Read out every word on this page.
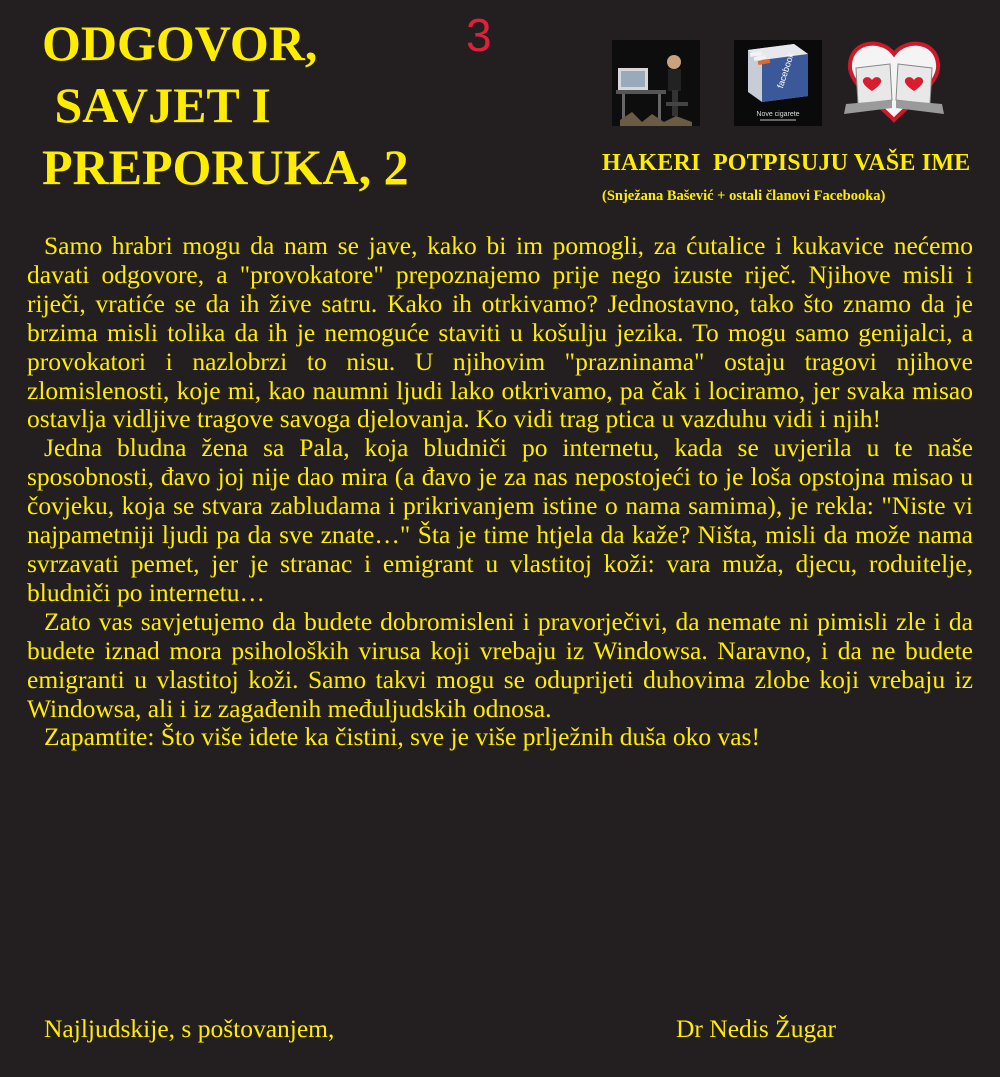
ODGOVOR,
SAVJET I
PREPORUKA, 2
3
facebook
Nove cigarete
HAKERI  POTPISUJU VAŠE IME
(Snježana Bašević + ostali članovi Facebooka)

Samo hrabri mogu da nam se jave, kako bi im pomogli, za ćutalice i kukavice nećemo davati odgovore, a "provokatore" prepoznajemo prije nego izuste riječ. Njihove misli i riječi, vratiće se da ih žive satru. Kako ih otrkivamo? Jednostavno, tako što znamo da je brzima misli tolika da ih je nemoguće staviti u košulju jezika. To mogu samo genijalci, a provokatori i nazlobrzi to nisu. U njihovim "prazninama" ostaju tragovi njihove zlomislenosti, koje mi, kao naumni ljudi lako otkrivamo, pa čak i lociramo, jer svaka misao ostavlja vidljive tragove savoga djelovanja. Ko vidi trag ptica u vazduhu vidi i njih!

Jedna bludna žena sa Pala, koja bludniči po internetu, kada se uvjerila u te naše sposobnosti, đavo joj nije dao mira (a đavo je za nas nepostojeći to je loša opstojna misao u čovjeku, koja se stvara zabludama i prikrivanjem istine o nama samima), je rekla: "Niste vi najpametniji ljudi pa da sve znate…" Šta je time htjela da kaže? Ništa, misli da može nama svrzavati pemet, jer je stranac i emigrant u vlastitoj koži: vara muža, djecu, roduitelje, bludniči po internetu…

Zato vas savjetujemo da budete dobromisleni i pravorječivi, da nemate ni pimisli zle i da budete iznad mora psiholoških virusa koji vrebaju iz Windowsa. Naravno, i da ne budete emigranti u vlastitoj koži. Samo takvi mogu se oduprijeti duhovima zlobe koji vrebaju iz Windowsa, ali i iz zagađenih međuljudskih odnosa.

Zapamtite: Što više idete ka čistini, sve je više prlježnih duša oko vas!

Najljudskije, s poštovanjem,	Dr Nedis Žugar
